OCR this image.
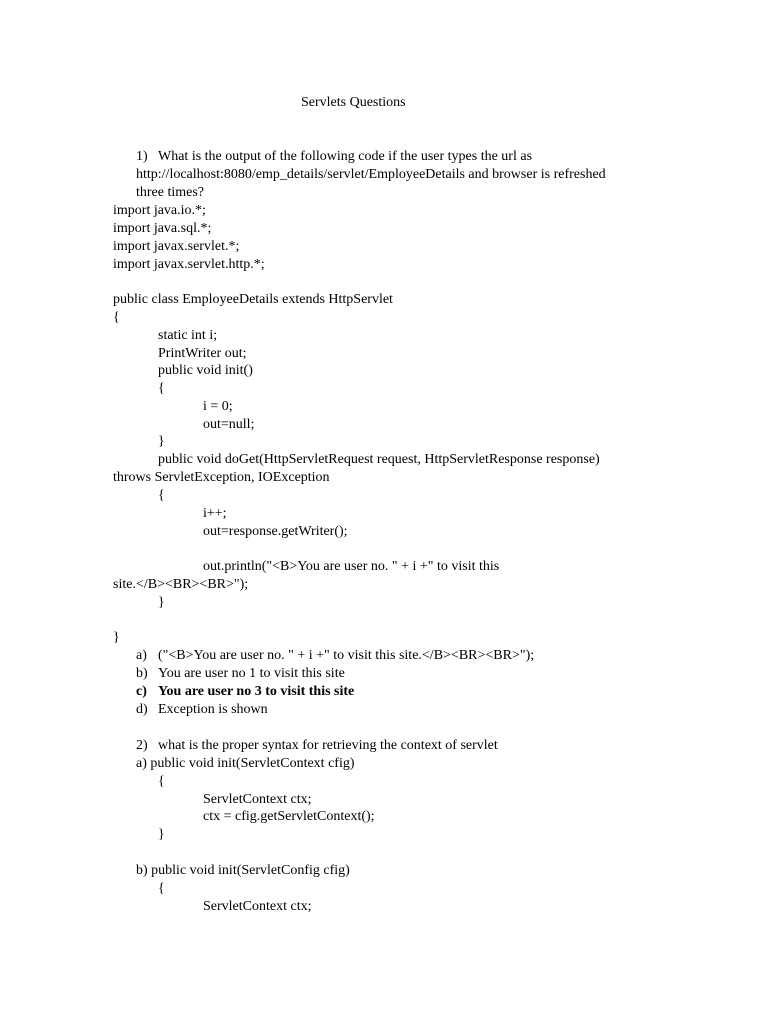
Servlets Questions
1) What is the output of the following code if the user types the url as
http://localhost:8080/emp_details/servlet/EmployeeDetails and browser is refreshed
three times?
import java.io.*;
import java.sql.*;
import javax.servlet.*;
import javax.servlet.http.*;
public class EmployeeDetails extends HttpServlet
{
static int i;
PrintWriter out;
public void init()
{
i = 0;
out=null;
}
public void doGet(HttpServletRequest request, HttpServletResponse response)
throws ServletException, IOException
{
i++;
out=response.getWriter();
out.println("<B>You are user no. " + i +" to visit this
site.</B><BR><BR>");
}
}
a) ("<B>You are user no. " + i +" to visit this site.</B><BR><BR>");
b) You are user no 1 to visit this site
c) You are user no 3 to visit this site
d) Exception is shown
2) what is the proper syntax for retrieving the context of servlet
a) public void init(ServletContext cfig)
{
ServletContext ctx;
ctx = cfig.getServletContext();
}
b) public void init(ServletConfig cfig)
{
ServletContext ctx;
